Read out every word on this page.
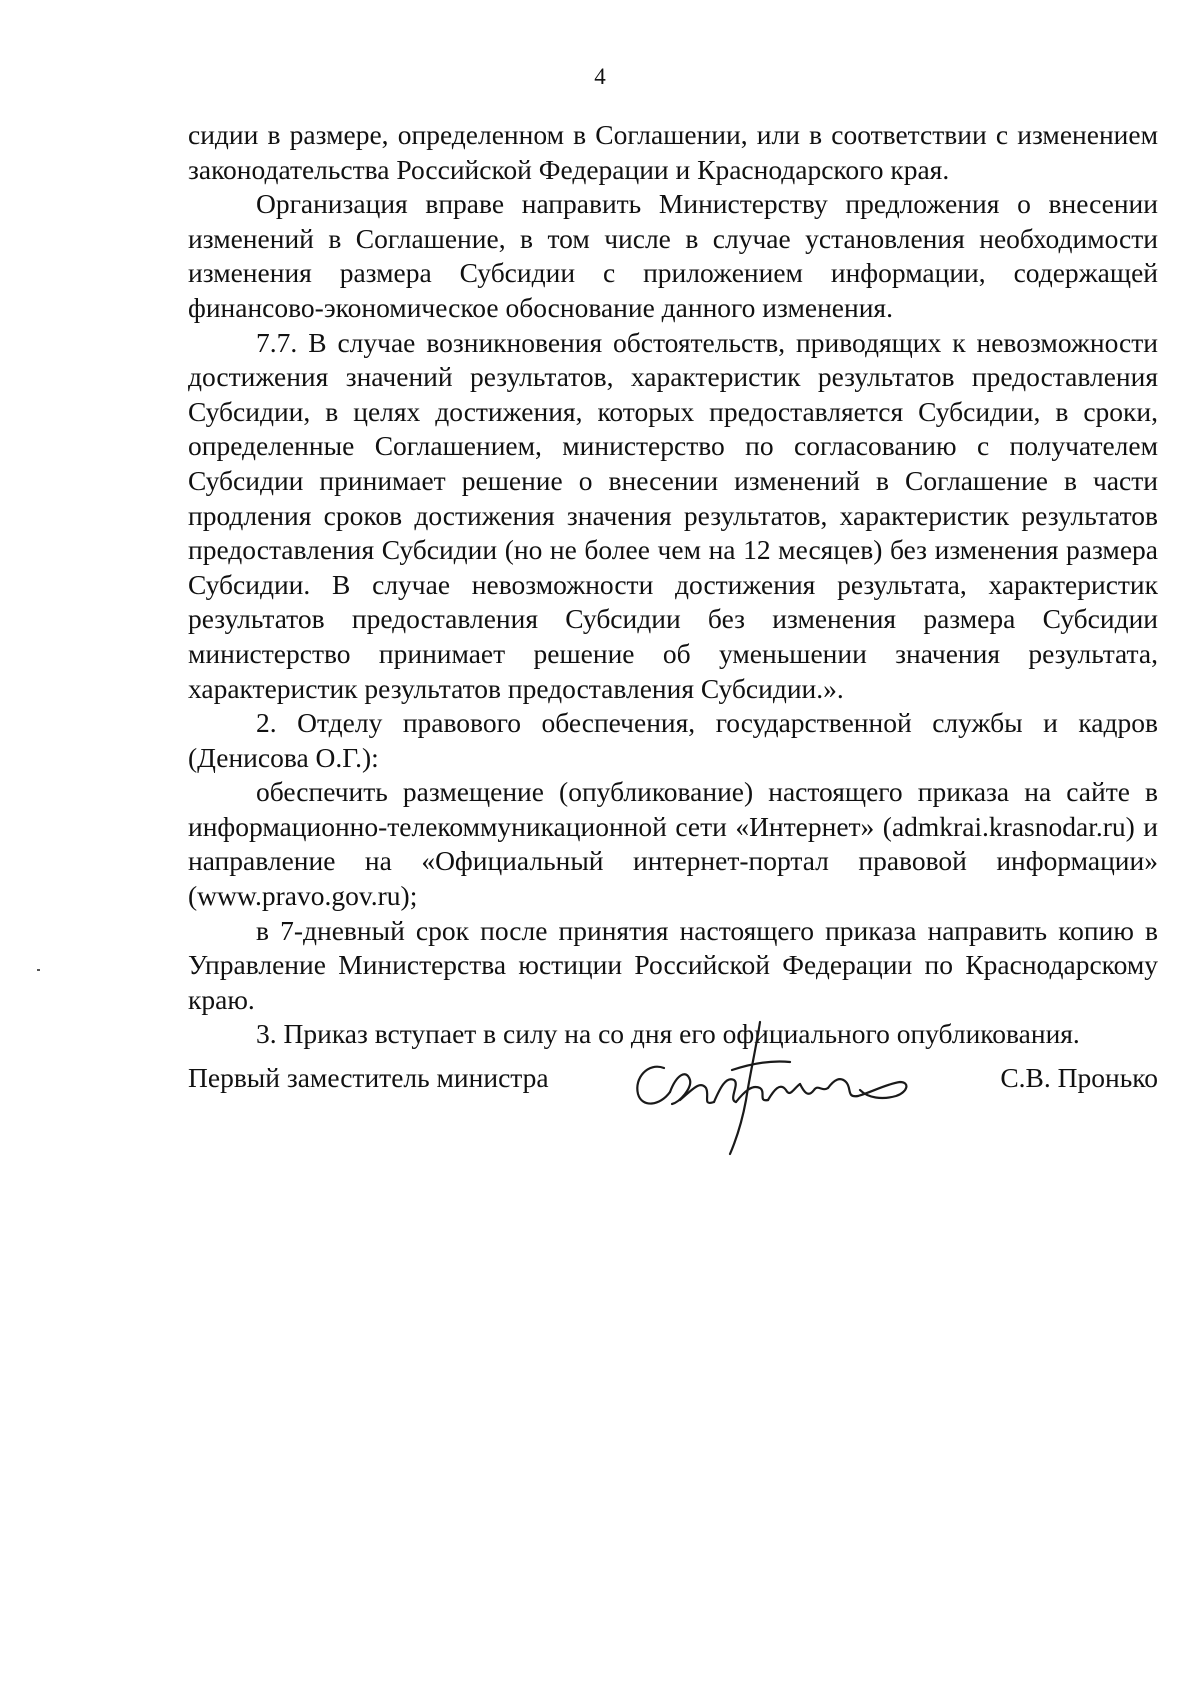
4

сидии в размере, определенном в Соглашении, или в соответствии с изменением законодательства Российской Федерации и Краснодарского края.

Организация вправе направить Министерству предложения о внесении изменений в Соглашение, в том числе в случае установления необходимости изменения размера Субсидии с приложением информации, содержащей финансово-экономическое обоснование данного изменения.

7.7. В случае возникновения обстоятельств, приводящих к невозможности достижения значений результатов, характеристик результатов предоставления Субсидии, в целях достижения, которых предоставляется Субсидии, в сроки, определенные Соглашением, министерство по согласованию с получателем Субсидии принимает решение о внесении изменений в Соглашение в части продления сроков достижения значения результатов, характеристик результатов предоставления Субсидии (но не более чем на 12 месяцев) без изменения размера Субсидии. В случае невозможности достижения результата, характеристик результатов предоставления Субсидии без изменения размера Субсидии министерство принимает решение об уменьшении значения результата, характеристик результатов предоставления Субсидии.».

2. Отделу правового обеспечения, государственной службы и кадров (Денисова О.Г.):

обеспечить размещение (опубликование) настоящего приказа на сайте в информационно-телекоммуникационной сети «Интернет» (admkrai.krasnodar.ru) и направление на «Официальный интернет-портал правовой информации» (www.pravo.gov.ru);

в 7-дневный срок после принятия настоящего приказа направить копию в Управление Министерства юстиции Российской Федерации по Краснодарскому краю.

3. Приказ вступает в силу на со дня его официального опубликования.

Первый заместитель министра	С.В. Пронько
